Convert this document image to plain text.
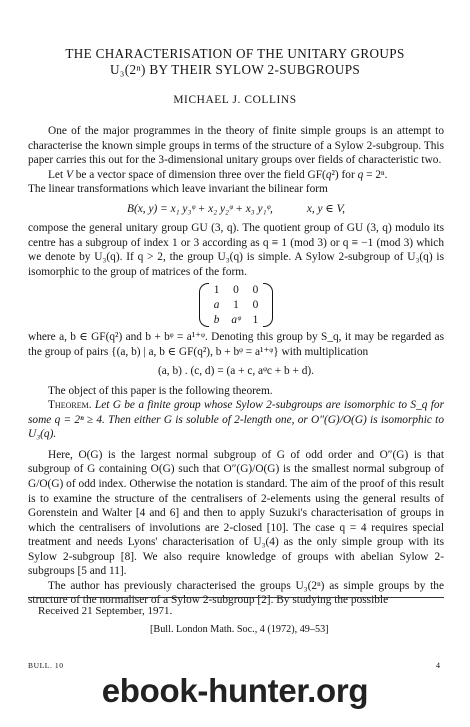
THE CHARACTERISATION OF THE UNITARY GROUPS
U₃(2ⁿ) BY THEIR SYLOW 2-SUBGROUPS
MICHAEL J. COLLINS

One of the major programmes in the theory of finite simple groups is an attempt to characterise the known simple groups in terms of the structure of a Sylow 2-subgroup. This paper carries this out for the 3-dimensional unitary groups over fields of characteristic two.

Let V be a vector space of dimension three over the field GF(q²) for q = 2ⁿ.

The linear transformations which leave invariant the bilinear form

B(x, y) = x₁ y₃ᵠ + x₂ y₂ᵠ + x₃ y₁ᵠ,	x, y ∈ V,

compose the general unitary group GU (3, q). The quotient group of GU (3, q) modulo its centre has a subgroup of index 1 or 3 according as q ≡ 1 (mod 3) or q ≡ −1 (mod 3) which we denote by U₃(q). If q > 2, the group U₃(q) is simple. A Sylow 2-subgroup of U₃(q) is isomorphic to the group of matrices of the form.

1	0	0
a	1	0
b	aᵠ	1

where a, b ∈ GF(q²) and b + bᵠ = a¹⁺ᵠ. Denoting this group by S_q, it may be regarded as the group of pairs {(a, b) | a, b ∈ GF(q²), b + bᵠ = a¹⁺ᵠ} with multiplication

(a, b) . (c, d) = (a + c, aᵠc + b + d).

The object of this paper is the following theorem.

Theorem. Let G be a finite group whose Sylow 2-subgroups are isomorphic to S_q for some q = 2ⁿ ≥ 4. Then either G is soluble of 2-length one, or O″(G)/O(G) is isomorphic to U₃(q).

Here, O(G) is the largest normal subgroup of G of odd order and O″(G) is that subgroup of G containing O(G) such that O″(G)/O(G) is the smallest normal subgroup of G/O(G) of odd index. Otherwise the notation is standard. The aim of the proof of this result is to examine the structure of the centralisers of 2-elements using the general results of Gorenstein and Walter [4 and 6] and then to apply Suzuki's characterisation of groups in which the centralisers of involutions are 2-closed [10]. The case q = 4 requires special treatment and needs Lyons' characterisation of U₃(4) as the only simple group with its Sylow 2-subgroup [8]. We also require knowledge of groups with abelian Sylow 2-subgroups [5 and 11].

The author has previously characterised the groups U₃(2ⁿ) as simple groups by the structure of the normaliser of a Sylow 2-subgroup [2]. By studying the possible

Received 21 September, 1971.
[Bull. London Math. Soc., 4 (1972), 49–53]
BULL. 10	4
ebook-hunter.org
